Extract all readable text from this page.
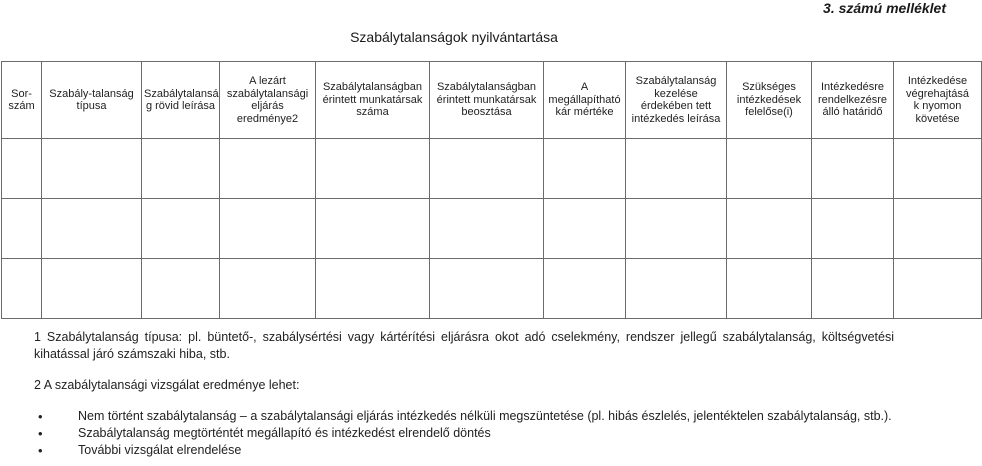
3. számú melléklet

Szabálytalanságok nyilvántartása
Sor-
szám	Szabály-talanság
típusa	Szabálytalansá
g rövid leírása	A lezárt
szabálytalansági
eljárás
eredménye2	Szabálytalanságban
érintett munkatársak
száma	Szabálytalanságban
érintett munkatársak
beosztása	A
megállapítható
kár mértéke	Szabálytalanság
kezelése
érdekében tett
intézkedés leírása	Szükséges
intézkedések
felelőse(i)	Intézkedésre
rendelkezésre
álló határidő	Intézkedése
végrehajtásá
k nyomon
követése

1 Szabálytalanság típusa: pl. büntető-, szabálysértési vagy kártérítési eljárásra okot adó cselekmény, rendszer jellegű szabálytalanság, költségvetési kihatással járó számszaki hiba, stb.

2 A szabálytalansági vizsgálat eredménye lehet:

• Nem történt szabálytalanság – a szabálytalansági eljárás intézkedés nélküli megszüntetése (pl. hibás észlelés, jelentéktelen szabálytalanság, stb.).
• Szabálytalanság megtörténtét megállapító és intézkedést elrendelő döntés
• További vizsgálat elrendelése
